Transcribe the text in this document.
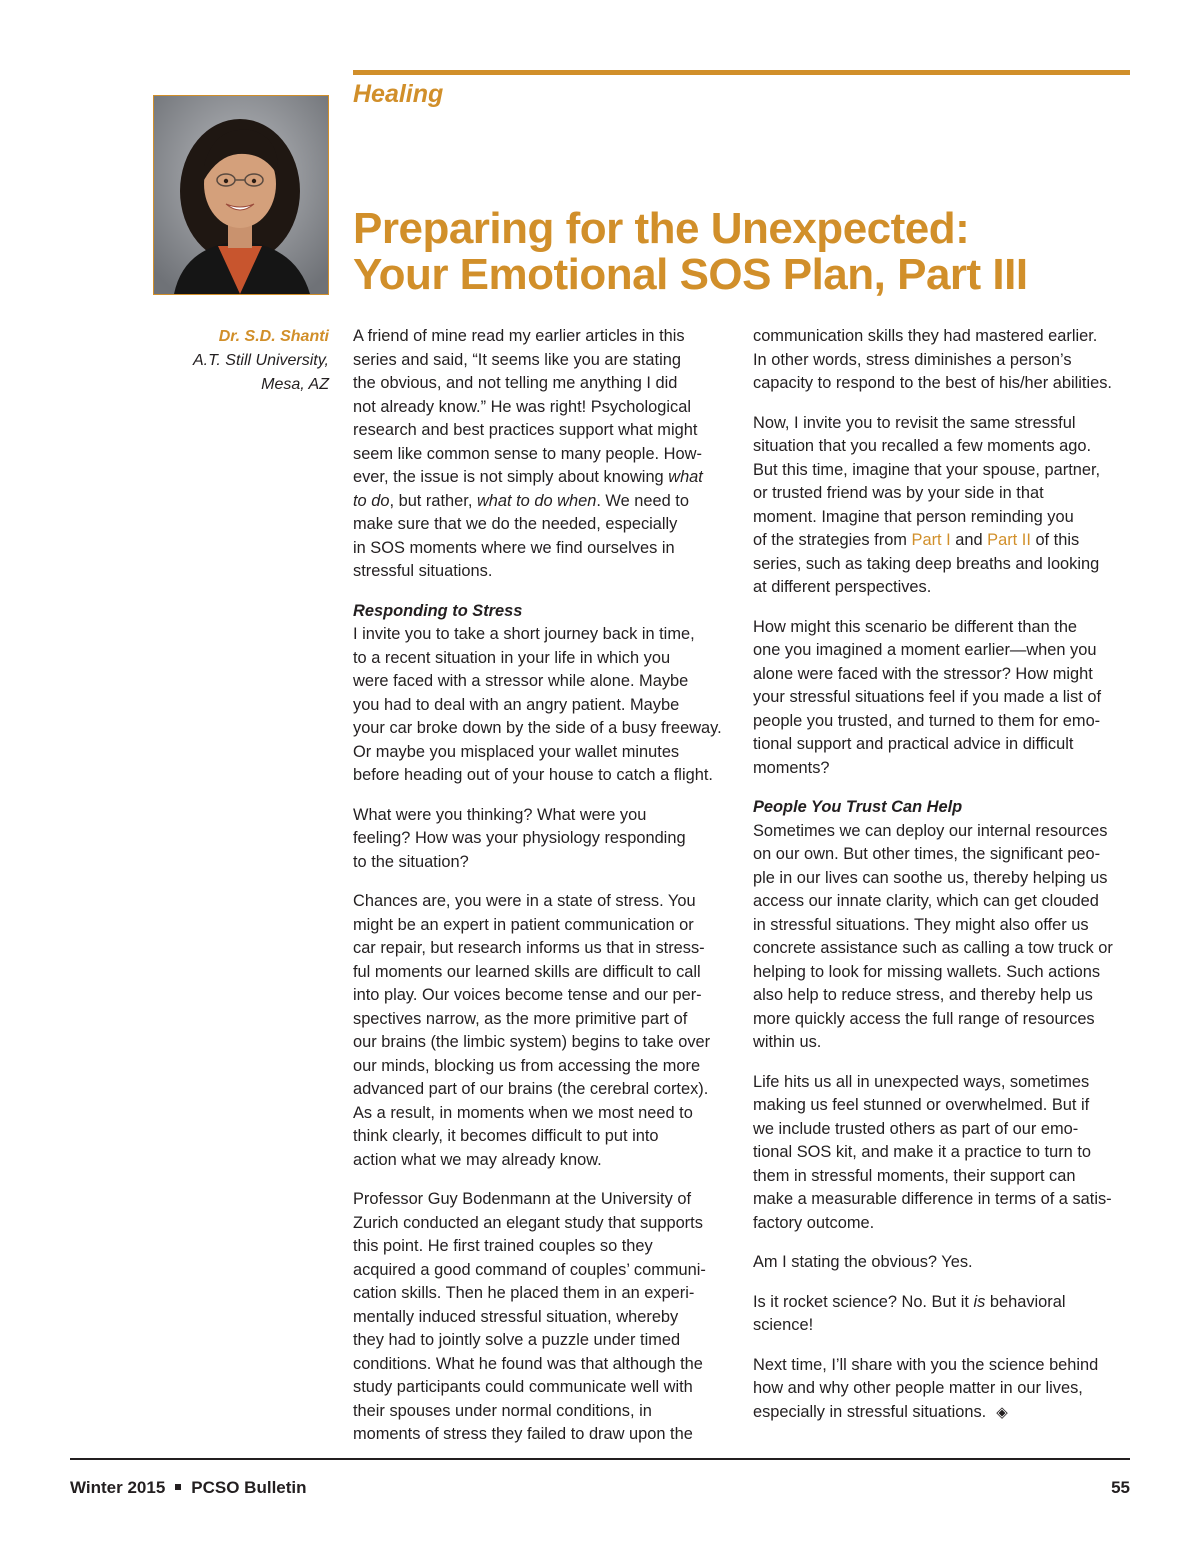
Healing
Preparing for the Unexpected:
Your Emotional SOS Plan, Part III
Dr. S.D. Shanti
A.T. Still University,
Mesa, AZ

A friend of mine read my earlier articles in this
series and said, “It seems like you are stating
the obvious, and not telling me anything I did
not already know.” He was right! Psychological
research and best practices support what might
seem like common sense to many people. How-
ever, the issue is not simply about knowing what
to do, but rather, what to do when. We need to
make sure that we do the needed, especially
in SOS moments where we find ourselves in
stressful situations.

Responding to Stress

I invite you to take a short journey back in time,
to a recent situation in your life in which you
were faced with a stressor while alone. Maybe
you had to deal with an angry patient. Maybe
your car broke down by the side of a busy freeway.
Or maybe you misplaced your wallet minutes
before heading out of your house to catch a flight.

What were you thinking? What were you
feeling? How was your physiology responding
to the situation?

Chances are, you were in a state of stress. You
might be an expert in patient communication or
car repair, but research informs us that in stress-
ful moments our learned skills are difficult to call
into play. Our voices become tense and our per-
spectives narrow, as the more primitive part of
our brains (the limbic system) begins to take over
our minds, blocking us from accessing the more
advanced part of our brains (the cerebral cortex).
As a result, in moments when we most need to
think clearly, it becomes difficult to put into
action what we may already know.

Professor Guy Bodenmann at the University of
Zurich conducted an elegant study that supports
this point. He first trained couples so they
acquired a good command of couples’ communi-
cation skills. Then he placed them in an experi-
mentally induced stressful situation, whereby
they had to jointly solve a puzzle under timed
conditions. What he found was that although the
study participants could communicate well with
their spouses under normal conditions, in
moments of stress they failed to draw upon the

communication skills they had mastered earlier.
In other words, stress diminishes a person’s
capacity to respond to the best of his/her abilities.

Now, I invite you to revisit the same stressful
situation that you recalled a few moments ago.
But this time, imagine that your spouse, partner,
or trusted friend was by your side in that
moment. Imagine that person reminding you
of the strategies from Part I and Part II of this
series, such as taking deep breaths and looking
at different perspectives.

How might this scenario be different than the
one you imagined a moment earlier—when you
alone were faced with the stressor? How might
your stressful situations feel if you made a list of
people you trusted, and turned to them for emo-
tional support and practical advice in difficult
moments?

People You Trust Can Help

Sometimes we can deploy our internal resources
on our own. But other times, the significant peo-
ple in our lives can soothe us, thereby helping us
access our innate clarity, which can get clouded
in stressful situations. They might also offer us
concrete assistance such as calling a tow truck or
helping to look for missing wallets. Such actions
also help to reduce stress, and thereby help us
more quickly access the full range of resources
within us.

Life hits us all in unexpected ways, sometimes
making us feel stunned or overwhelmed. But if
we include trusted others as part of our emo-
tional SOS kit, and make it a practice to turn to
them in stressful moments, their support can
make a measurable difference in terms of a satis-
factory outcome.

Am I stating the obvious? Yes.

Is it rocket science? No. But it is behavioral
science!

Next time, I’ll share with you the science behind
how and why other people matter in our lives,
especially in stressful situations. ◈

Winter 2015 PCSO Bulletin	55
